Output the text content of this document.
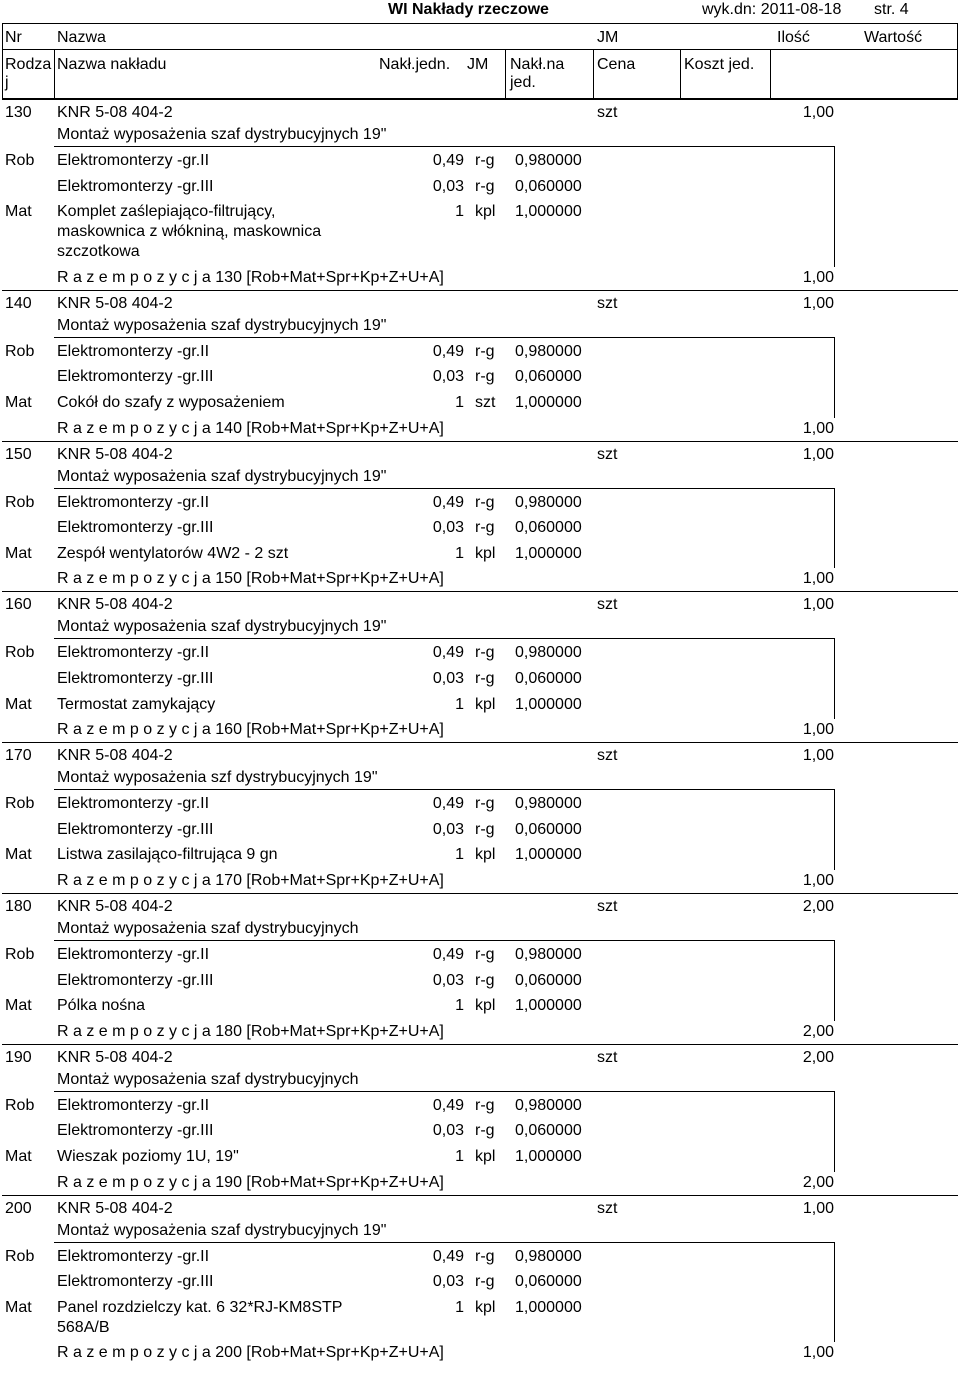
WI Nakłady rzeczowe	wyk.dn: 2011-08-18 str. 4
Nr Nazwa	JM	Ilość	Wartość
Rodza
j
Nazwa nakładu	Nakł.jedn. JM Nakł.na
jed.
Cena	Koszt jed.
130 KNR 5-08 404-2	szt	1,00
Montaż wyposażenia szaf dystrybucyjnych 19"
Rob Elektromonterzy -gr.II	0,49 r-g 0,980000
Elektromonterzy -gr.III	0,03 r-g 0,060000
Mat Komplet zaślepiająco-filtrujący,
maskownica z włókniną, maskownica
szczotkowa
1 kpl 1,000000
R a z e m p o z y c j a 130 [Rob+Mat+Spr+Kp+Z+U+A]	1,00
140 KNR 5-08 404-2	szt	1,00
Montaż wyposażenia szaf dystrybucyjnych 19"
Rob Elektromonterzy -gr.II	0,49 r-g 0,980000
Elektromonterzy -gr.III	0,03 r-g 0,060000
Mat Cokół do szafy z wyposażeniem	1 szt 1,000000
R a z e m p o z y c j a 140 [Rob+Mat+Spr+Kp+Z+U+A]	1,00
150 KNR 5-08 404-2	szt	1,00
Montaż wyposażenia szaf dystrybucyjnych 19"
Rob Elektromonterzy -gr.II	0,49 r-g 0,980000
Elektromonterzy -gr.III	0,03 r-g 0,060000
Mat Zespół wentylatorów 4W2 - 2 szt	1 kpl 1,000000
R a z e m p o z y c j a 150 [Rob+Mat+Spr+Kp+Z+U+A]	1,00
160 KNR 5-08 404-2	szt	1,00
Montaż wyposażenia szaf dystrybucyjnych 19"
Rob Elektromonterzy -gr.II	0,49 r-g 0,980000
Elektromonterzy -gr.III	0,03 r-g 0,060000
Mat Termostat zamykający	1 kpl 1,000000
R a z e m p o z y c j a 160 [Rob+Mat+Spr+Kp+Z+U+A]	1,00
170 KNR 5-08 404-2	szt	1,00
Montaż wyposażenia szf dystrybucyjnych 19"
Rob Elektromonterzy -gr.II	0,49 r-g 0,980000
Elektromonterzy -gr.III	0,03 r-g 0,060000
Mat Listwa zasilająco-filtrująca 9 gn	1 kpl 1,000000
R a z e m p o z y c j a 170 [Rob+Mat+Spr+Kp+Z+U+A]	1,00
180 KNR 5-08 404-2	szt	2,00
Montaż wyposażenia szaf dystrybucyjnych
Rob Elektromonterzy -gr.II	0,49 r-g 0,980000
Elektromonterzy -gr.III	0,03 r-g 0,060000
Mat Pólka nośna	1 kpl 1,000000
R a z e m p o z y c j a 180 [Rob+Mat+Spr+Kp+Z+U+A]	2,00
190 KNR 5-08 404-2	szt	2,00
Montaż wyposażenia szaf dystrybucyjnych
Rob Elektromonterzy -gr.II	0,49 r-g 0,980000
Elektromonterzy -gr.III	0,03 r-g 0,060000
Mat Wieszak poziomy 1U, 19"	1 kpl 1,000000
R a z e m p o z y c j a 190 [Rob+Mat+Spr+Kp+Z+U+A]	2,00
200 KNR 5-08 404-2	szt	1,00
Montaż wyposażenia szaf dystrybucyjnych 19"
Rob Elektromonterzy -gr.II	0,49 r-g 0,980000
Elektromonterzy -gr.III	0,03 r-g 0,060000
Mat Panel rozdzielczy kat. 6 32*RJ-KM8STP
568A/B
1 kpl 1,000000
R a z e m p o z y c j a 200 [Rob+Mat+Spr+Kp+Z+U+A]	1,00
